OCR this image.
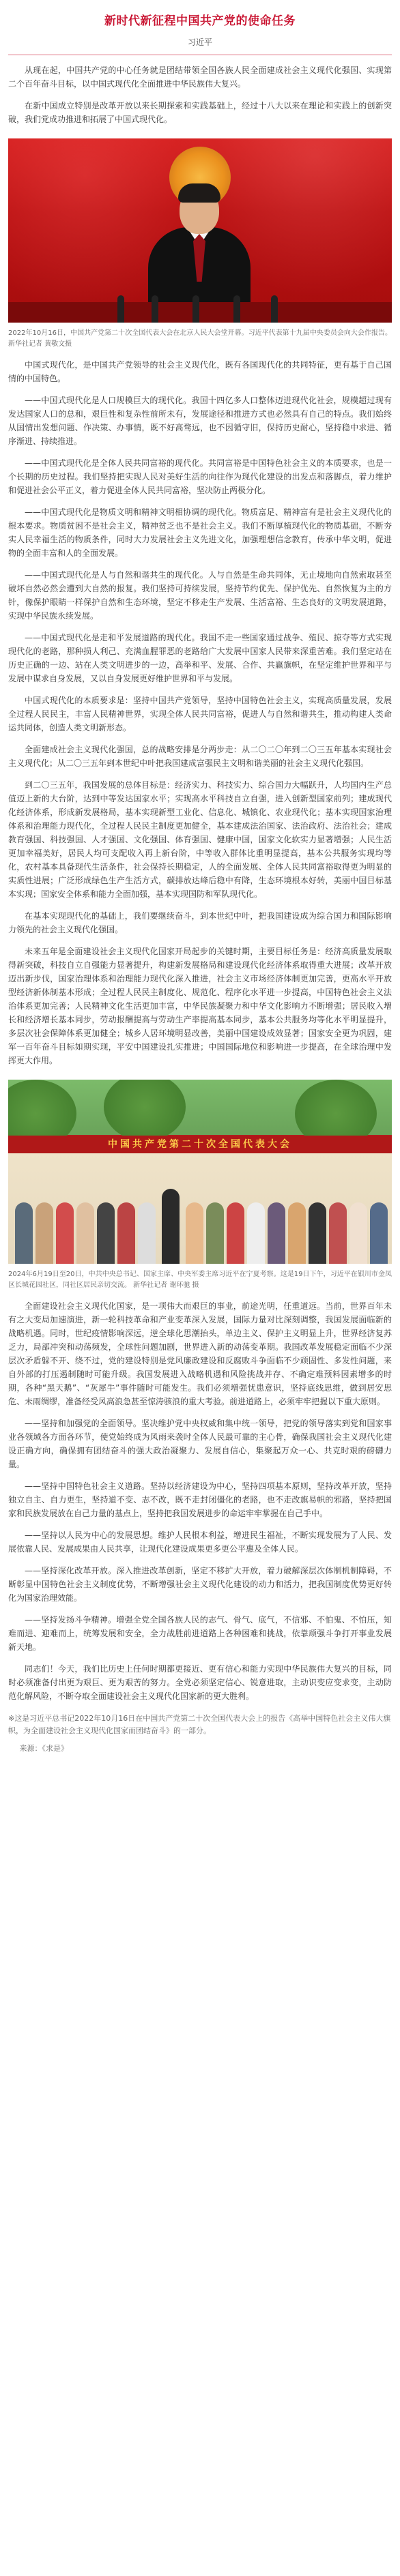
新时代新征程中国共产党的使命任务
习近平

从现在起，中国共产党的中心任务就是团结带领全国各族人民全面建成社会主义现代化强国、实现第二个百年奋斗目标，以中国式现代化全面推进中华民族伟大复兴。

在新中国成立特别是改革开放以来长期探索和实践基础上，经过十八大以来在理论和实践上的创新突破，我们党成功推进和拓展了中国式现代化。

2022年10月16日，中国共产党第二十次全国代表大会在北京人民大会堂开幕。习近平代表第十九届中央委员会向大会作报告。 新华社记者 黄敬文摄

中国式现代化，是中国共产党领导的社会主义现代化，既有各国现代化的共同特征，更有基于自己国情的中国特色。

——中国式现代化是人口规模巨大的现代化。我国十四亿多人口整体迈进现代化社会，规模超过现有发达国家人口的总和，艰巨性和复杂性前所未有，发展途径和推进方式也必然具有自己的特点。我们始终从国情出发想问题、作决策、办事情，既不好高骛远，也不因循守旧，保持历史耐心，坚持稳中求进、循序渐进、持续推进。

——中国式现代化是全体人民共同富裕的现代化。共同富裕是中国特色社会主义的本质要求，也是一个长期的历史过程。我们坚持把实现人民对美好生活的向往作为现代化建设的出发点和落脚点，着力维护和促进社会公平正义，着力促进全体人民共同富裕，坚决防止两极分化。

——中国式现代化是物质文明和精神文明相协调的现代化。物质富足、精神富有是社会主义现代化的根本要求。物质贫困不是社会主义，精神贫乏也不是社会主义。我们不断厚植现代化的物质基础，不断夯实人民幸福生活的物质条件，同时大力发展社会主义先进文化，加强理想信念教育，传承中华文明，促进物的全面丰富和人的全面发展。

——中国式现代化是人与自然和谐共生的现代化。人与自然是生命共同体，无止境地向自然索取甚至破坏自然必然会遭到大自然的报复。我们坚持可持续发展，坚持节约优先、保护优先、自然恢复为主的方针，像保护眼睛一样保护自然和生态环境，坚定不移走生产发展、生活富裕、生态良好的文明发展道路，实现中华民族永续发展。

——中国式现代化是走和平发展道路的现代化。我国不走一些国家通过战争、殖民、掠夺等方式实现现代化的老路，那种损人利己、充满血腥罪恶的老路给广大发展中国家人民带来深重苦难。我们坚定站在历史正确的一边、站在人类文明进步的一边，高举和平、发展、合作、共赢旗帜，在坚定维护世界和平与发展中谋求自身发展，又以自身发展更好维护世界和平与发展。

中国式现代化的本质要求是：坚持中国共产党领导，坚持中国特色社会主义，实现高质量发展，发展全过程人民民主，丰富人民精神世界，实现全体人民共同富裕，促进人与自然和谐共生，推动构建人类命运共同体，创造人类文明新形态。

全面建成社会主义现代化强国，总的战略安排是分两步走：从二〇二〇年到二〇三五年基本实现社会主义现代化；从二〇三五年到本世纪中叶把我国建成富强民主文明和谐美丽的社会主义现代化强国。

到二〇三五年，我国发展的总体目标是：经济实力、科技实力、综合国力大幅跃升，人均国内生产总值迈上新的大台阶，达到中等发达国家水平；实现高水平科技自立自强，进入创新型国家前列；建成现代化经济体系，形成新发展格局，基本实现新型工业化、信息化、城镇化、农业现代化；基本实现国家治理体系和治理能力现代化，全过程人民民主制度更加健全，基本建成法治国家、法治政府、法治社会；建成教育强国、科技强国、人才强国、文化强国、体育强国、健康中国，国家文化软实力显著增强；人民生活更加幸福美好，居民人均可支配收入再上新台阶，中等收入群体比重明显提高，基本公共服务实现均等化，农村基本具备现代生活条件，社会保持长期稳定，人的全面发展、全体人民共同富裕取得更为明显的实质性进展；广泛形成绿色生产生活方式，碳排放达峰后稳中有降，生态环境根本好转，美丽中国目标基本实现；国家安全体系和能力全面加强，基本实现国防和军队现代化。

在基本实现现代化的基础上，我们要继续奋斗，到本世纪中叶，把我国建设成为综合国力和国际影响力领先的社会主义现代化强国。

未来五年是全面建设社会主义现代化国家开局起步的关键时期，主要目标任务是：经济高质量发展取得新突破，科技自立自强能力显著提升，构建新发展格局和建设现代化经济体系取得重大进展；改革开放迈出新步伐，国家治理体系和治理能力现代化深入推进，社会主义市场经济体制更加完善，更高水平开放型经济新体制基本形成；全过程人民民主制度化、规范化、程序化水平进一步提高，中国特色社会主义法治体系更加完善；人民精神文化生活更加丰富，中华民族凝聚力和中华文化影响力不断增强；居民收入增长和经济增长基本同步，劳动报酬提高与劳动生产率提高基本同步，基本公共服务均等化水平明显提升，多层次社会保障体系更加健全；城乡人居环境明显改善，美丽中国建设成效显著；国家安全更为巩固，建军一百年奋斗目标如期实现，平安中国建设扎实推进；中国国际地位和影响进一步提高，在全球治理中发挥更大作用。

中国共产党第二十次全国代表大会

2024年6月19日至20日，中共中央总书记、国家主席、中央军委主席习近平在宁夏考察。这是19日下午，习近平在银川市金凤区长城花园社区，同社区居民亲切交流。 新华社记者 谢环驰 摄

全面建设社会主义现代化国家，是一项伟大而艰巨的事业，前途光明，任重道远。当前，世界百年未有之大变局加速演进，新一轮科技革命和产业变革深入发展，国际力量对比深刻调整，我国发展面临新的战略机遇。同时，世纪疫情影响深远，逆全球化思潮抬头，单边主义、保护主义明显上升，世界经济复苏乏力，局部冲突和动荡频发，全球性问题加剧，世界进入新的动荡变革期。我国改革发展稳定面临不少深层次矛盾躲不开、绕不过，党的建设特别是党风廉政建设和反腐败斗争面临不少顽固性、多发性问题，来自外部的打压遏制随时可能升级。我国发展进入战略机遇和风险挑战并存、不确定难预料因素增多的时期，各种“黑天鹅”、“灰犀牛”事件随时可能发生。我们必须增强忧患意识，坚持底线思维，做到居安思危、未雨绸缪，准备经受风高浪急甚至惊涛骇浪的重大考验。前进道路上，必须牢牢把握以下重大原则。

——坚持和加强党的全面领导。坚决维护党中央权威和集中统一领导，把党的领导落实到党和国家事业各领域各方面各环节，使党始终成为风雨来袭时全体人民最可靠的主心骨，确保我国社会主义现代化建设正确方向，确保拥有团结奋斗的强大政治凝聚力、发展自信心，集聚起万众一心、共克时艰的磅礴力量。

——坚持中国特色社会主义道路。坚持以经济建设为中心，坚持四项基本原则，坚持改革开放，坚持独立自主、自力更生，坚持道不变、志不改，既不走封闭僵化的老路，也不走改旗易帜的邪路，坚持把国家和民族发展放在自己力量的基点上，坚持把我国发展进步的命运牢牢掌握在自己手中。

——坚持以人民为中心的发展思想。维护人民根本利益，增进民生福祉，不断实现发展为了人民、发展依靠人民、发展成果由人民共享，让现代化建设成果更多更公平惠及全体人民。

——坚持深化改革开放。深入推进改革创新，坚定不移扩大开放，着力破解深层次体制机制障碍，不断彰显中国特色社会主义制度优势，不断增强社会主义现代化建设的动力和活力，把我国制度优势更好转化为国家治理效能。

——坚持发扬斗争精神。增强全党全国各族人民的志气、骨气、底气，不信邪、不怕鬼、不怕压，知难而进、迎难而上，统筹发展和安全，全力战胜前进道路上各种困难和挑战，依靠顽强斗争打开事业发展新天地。

同志们！今天，我们比历史上任何时期都更接近、更有信心和能力实现中华民族伟大复兴的目标，同时必须准备付出更为艰巨、更为艰苦的努力。全党必须坚定信心、锐意进取，主动识变应变求变，主动防范化解风险，不断夺取全面建设社会主义现代化国家新的更大胜利。

※这是习近平总书记2022年10月16日在中国共产党第二十次全国代表大会上的报告《高举中国特色社会主义伟大旗帜，为全面建设社会主义现代化国家而团结奋斗》的一部分。
来源：《求是》
